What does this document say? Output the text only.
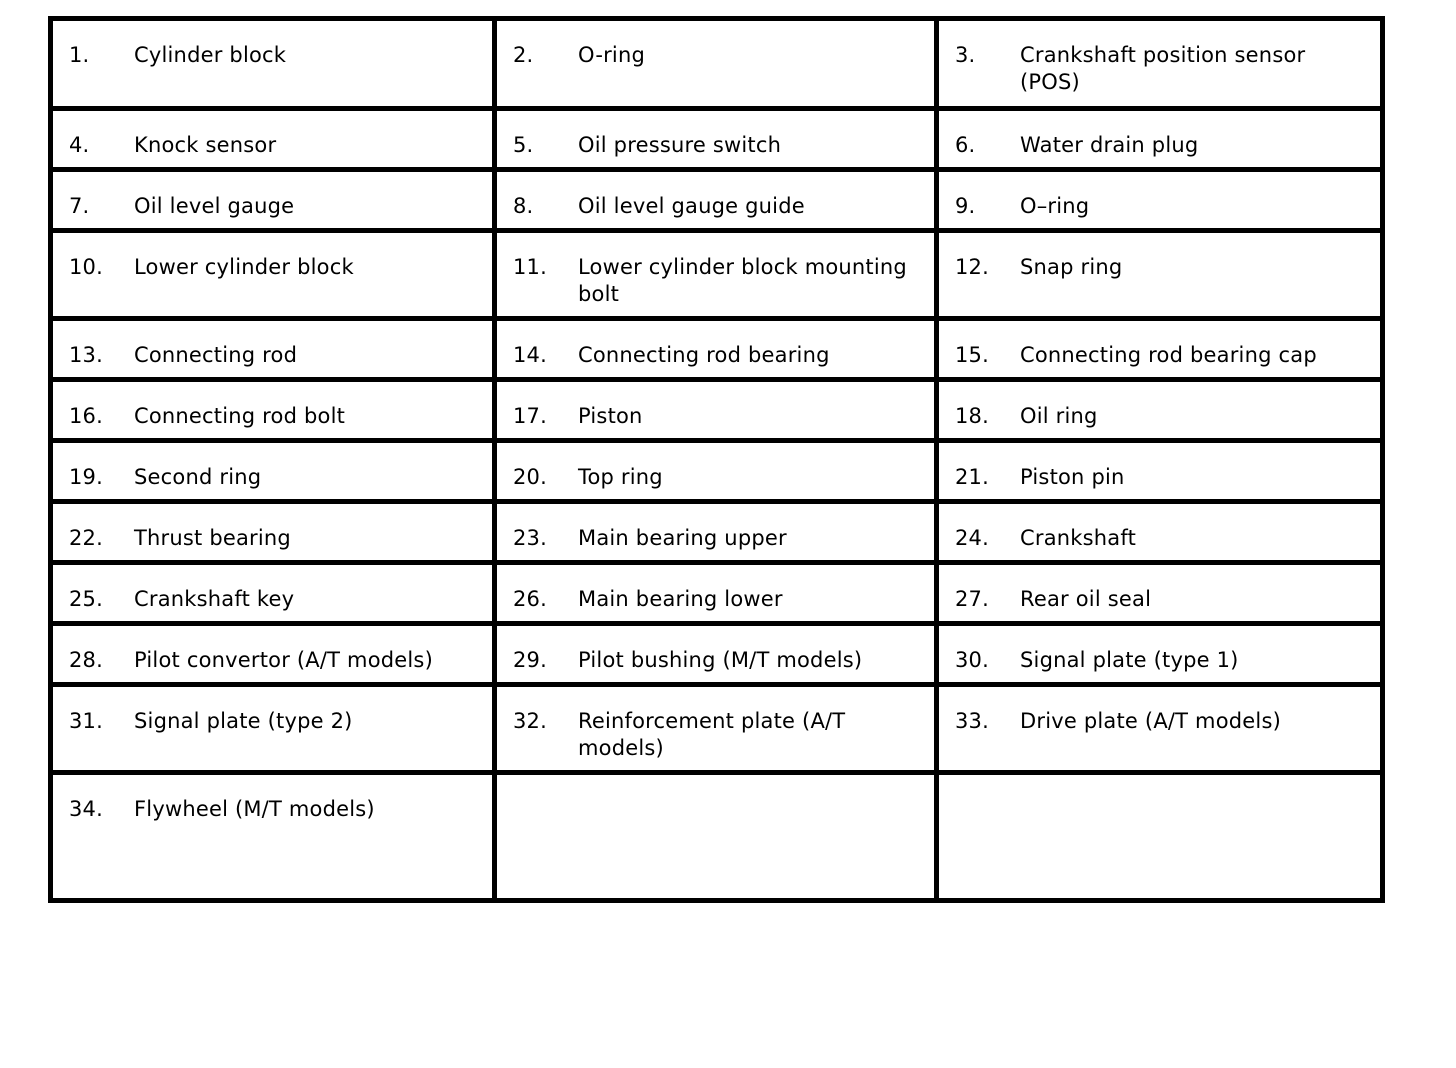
1. Cylinder block	2. O-ring	3. Crankshaft position sensor (POS)

4. Knock sensor	5. Oil pressure switch	6. Water drain plug

7. Oil level gauge	8. Oil level gauge guide	9. O–ring

10. Lower cylinder block	11. Lower cylinder block mounting bolt	12. Snap ring

13. Connecting rod	14. Connecting rod bearing	15. Connecting rod bearing cap

16. Connecting rod bolt	17. Piston	18. Oil ring

19. Second ring	20. Top ring	21. Piston pin

22. Thrust bearing	23. Main bearing upper	24. Crankshaft

25. Crankshaft key	26. Main bearing lower	27. Rear oil seal

28. Pilot convertor (A/T models)	29. Pilot bushing (M/T models)	30. Signal plate (type 1)

31. Signal plate (type 2)	32. Reinforcement plate (A/T models)	33. Drive plate (A/T models)

34. Flywheel (M/T models)		
